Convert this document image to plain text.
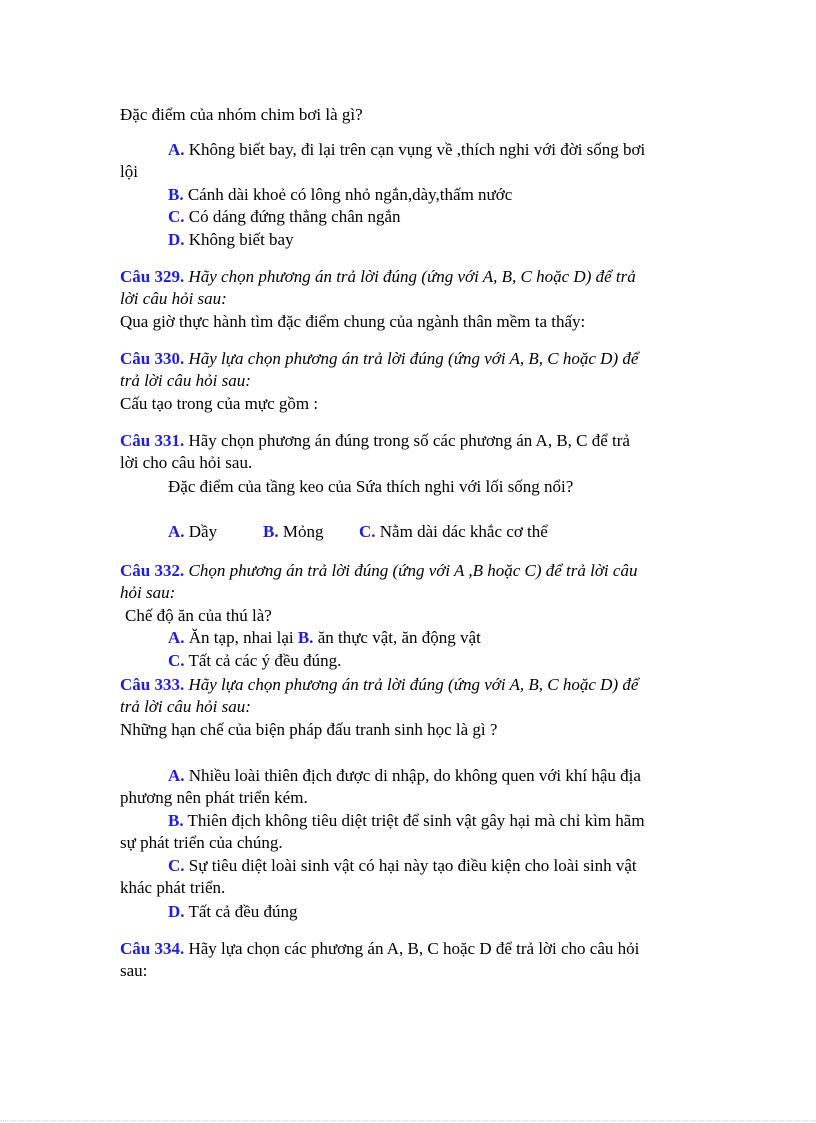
Đặc điểm của nhóm chim bơi là gì?
A. Không biết bay, đi lại trên cạn vụng về ,thích nghi với đời sống bơi
lội
B. Cánh dài khoẻ có lông nhỏ ngắn,dày,thấm nước
C. Có dáng đứng thẳng chân ngắn
D. Không biết bay
Câu 329. Hãy chọn phương án trả lời đúng (ứng với A, B, C hoặc D) để trả
lời câu hỏi sau:
Qua giờ thực hành tìm đặc điểm chung của ngành thân mềm ta thấy:
Câu 330. Hãy lựa chọn phương án trả lời đúng (ứng với A, B, C hoặc D) để
trả lời câu hỏi sau:
Cấu tạo trong của mực gồm :
Câu 331. Hãy chọn phương án đúng trong số các phương án A, B, C để trả
lời cho câu hỏi sau.
Đặc điểm của tầng keo của Sứa thích nghi với lối sống nổi?
A. Dầy	B. Mỏng C. Nằm dài dác khắc cơ thể
Câu 332. Chọn phương án trả lời đúng (ứng với A ,B hoặc C) để trả lời câu
hỏi sau:
Chế độ ăn của thú là?
A. Ăn tạp, nhai lại B. ăn thực vật, ăn động vật
C. Tất cả các ý đều đúng.
Câu 333. Hãy lựa chọn phương án trả lời đúng (ứng với A, B, C hoặc D) để
trả lời câu hỏi sau:
Những hạn chế của biện pháp đấu tranh sinh học là gì ?
A. Nhiều loài thiên địch được di nhập, do không quen với khí hậu địa
phương nên phát triển kém.
B. Thiên địch không tiêu diệt triệt để sinh vật gây hại mà chỉ kìm hãm
sự phát triển của chúng.
C. Sự tiêu diệt loài sinh vật có hại này tạo điều kiện cho loài sinh vật
khác phát triển.
D. Tất cả đều đúng
Câu 334. Hãy lựa chọn các phương án A, B, C hoặc D để trả lời cho câu hỏi
sau:
